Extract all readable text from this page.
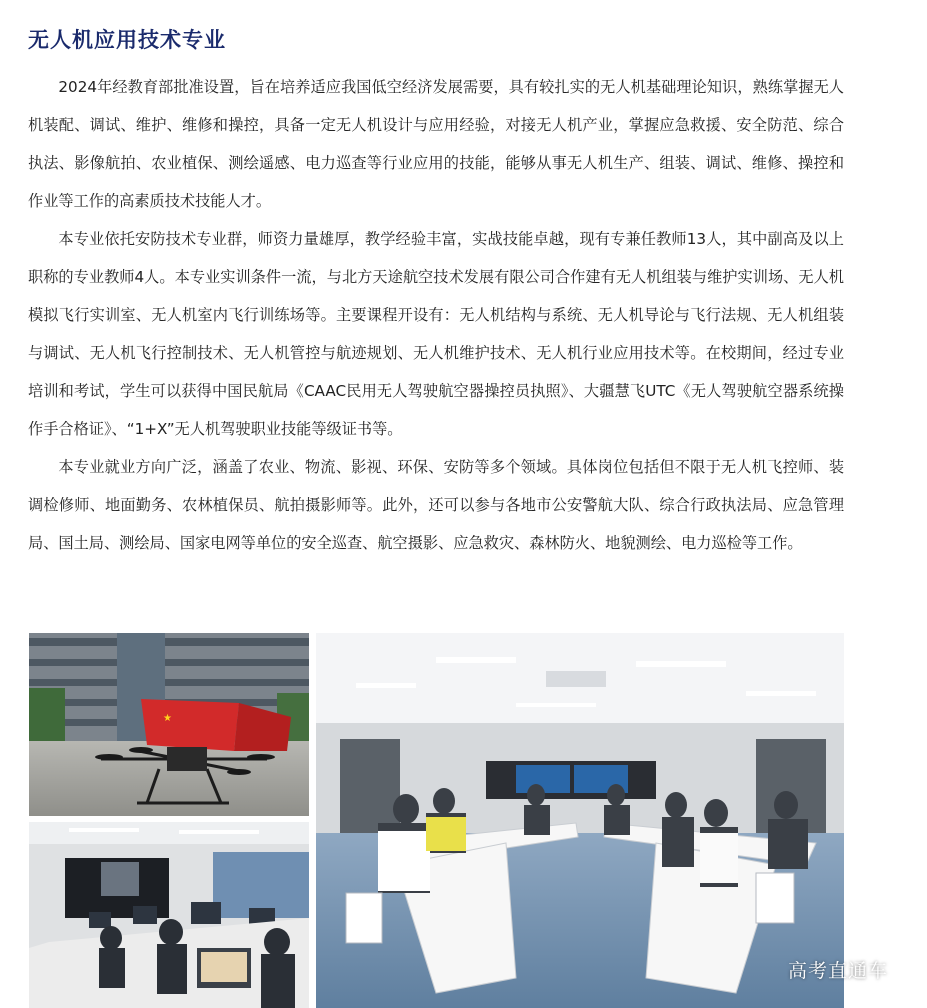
无人机应用技术专业

2024年经教育部批准设置，旨在培养适应我国低空经济发展需要，具有较扎实的无人机基础理论知识，熟练掌握无人机装配、调试、维护、维修和操控，具备一定无人机设计与应用经验，对接无人机产业，掌握应急救援、安全防范、综合执法、影像航拍、农业植保、测绘遥感、电力巡查等行业应用的技能，能够从事无人机生产、组装、调试、维修、操控和作业等工作的高素质技术技能人才。

本专业依托安防技术专业群，师资力量雄厚，教学经验丰富，实战技能卓越，现有专兼任教师13人，其中副高及以上职称的专业教师4人。本专业实训条件一流，与北方天途航空技术发展有限公司合作建有无人机组装与维护实训场、无人机模拟飞行实训室、无人机室内飞行训练场等。主要课程开设有：无人机结构与系统、无人机导论与飞行法规、无人机组装与调试、无人机飞行控制技术、无人机管控与航迹规划、无人机维护技术、无人机行业应用技术等。在校期间，经过专业培训和考试，学生可以获得中国民航局《CAAC民用无人驾驶航空器操控员执照》、大疆慧飞UTC《无人驾驶航空器系统操作手合格证》、“1+X”无人机驾驶职业技能等级证书等。

本专业就业方向广泛，涵盖了农业、物流、影视、环保、安防等多个领域。具体岗位包括但不限于无人机飞控师、装调检修师、地面勤务、农林植保员、航拍摄影师等。此外，还可以参与各地市公安警航大队、综合行政执法局、应急管理局、国土局、测绘局、国家电网等单位的安全巡查、航空摄影、应急救灾、森林防火、地貌测绘、电力巡检等工作。

★
高考直通车
